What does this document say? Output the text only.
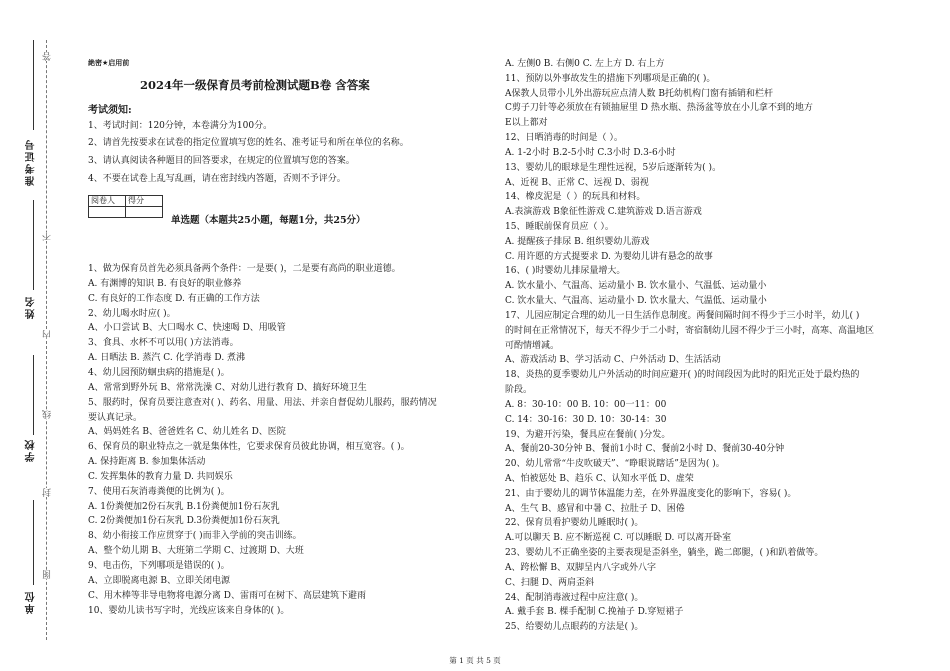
准考证号
姓名
学校
单位
答
不
内
线
封
图
絶密★启用前
2024年一级保育员考前检测试题B卷 含答案
考试须知:
1、考试时间：120分钟，本卷满分为100分。
2、请首先按要求在试卷的指定位置填写您的姓名、准考证号和所在单位的名称。
3、请认真阅读各种题目的回答要求，在规定的位置填写您的答案。
4、不要在试卷上乱写乱画，请在密封线内答题，否则不予评分。
阅卷人	得分

单选题（本题共25小题，每题1分，共25分）
1、做为保育员首先必须具备两个条件：一是要( )，二是要有高尚的职业道德。
A. 有渊博的知识 B. 有良好的职业修养
C. 有良好的工作态度 D. 有正确的工作方法
2、幼儿喝水时应( )。
A、小口尝试 B、大口喝水 C、快速喝 D、用吸管
3、食具、水杯不可以用( )方法消毒。
A. 日晒法 B. 蒸汽 C. 化学消毒 D. 煮沸
4、幼儿园预防蛔虫病的措施是( )。
A、常常到野外玩 B、常常洗澡 C、对幼儿进行教育 D、搞好环境卫生
5、服药时，保育员要注意查对( )、药名、用量、用法、并亲自督促幼儿服药，服药情况
要认真记录。
A、妈妈姓名 B、爸爸姓名 C、幼儿姓名 D、医院
6、保育员的职业特点之一就是集体性，它要求保育员彼此协调，相互宽容。( )。
A. 保持距离 B. 参加集体活动
C. 发挥集体的教育力量 D. 共同娱乐
7、使用石灰消毒粪便的比例为( )。
A. 1份粪便加2份石灰乳 B.1份粪便加1份石灰乳
C. 2份粪便加1份石灰乳 D.3份粪便加1份石灰乳
8、幼小衔接工作应贯穿于( )而非入学前的突击训练。
A、整个幼儿期 B、大班第二学期 C、过渡期 D、大班
9、电击伤，下列哪项是错误的( )。
A、立即脱离电源 B、立即关闭电源
C、用木棒等非导电物将电源分离 D、雷雨可在树下、高层建筑下避雨
10、婴幼儿读书写字时，光线应该来自身体的( )。
A. 左侧0 B. 右侧0 C. 左上方 D. 右上方
11、预防以外事故发生的措施下列哪项是正确的( )。
A保教人员带小儿外出游玩应点清人数 B托幼机构门窗有插销和栏杆
C剪子刀针等必须放在有锁抽屉里 D 热水瓶、热汤盆等放在小儿拿不到的地方
E以上都对
12、日晒消毒的时间是（ ）。
A. 1-2小时 B.2-5小时 C.3小时 D.3-6小时
13、婴幼儿的眼球是生理性远视，5岁后逐渐转为( )。
A、近视 B、正常 C、远视 D、弱视
14、橡皮泥是（ ）的玩具和材料。
A.表演游戏 B象征性游戏 C.建筑游戏 D.语言游戏
15、睡眠前保育员应（ ）。
A. 提醒孩子排尿 B. 组织婴幼儿游戏
C. 用许愿的方式提要求 D. 为婴幼儿讲有悬念的故事
16、( )时婴幼儿排尿量增大。
A. 饮水量小、气温高、运动量小 B. 饮水量小、气温低、运动量小
C. 饮水量大、气温高、运动量小 D. 饮水量大、气温低、运动量小
17、儿园应制定合理的幼儿一日生活作息制度。两餐间隔时间不得少于三小时半，幼儿( )
的时间在正常情况下，每天不得少于二小时，寄宿制幼儿园不得少于三小时，高寒、高温地区
可酌情增减。
A、游戏活动 B、学习活动 C、户外活动 D、生活活动
18、炎热的夏季婴幼儿户外活动的时间应避开( )的时间段因为此时的阳光正处于最灼热的
阶段。
A. 8：30-10：00 B. 10：00一11：00
C. 14：30-16：30 D. 10：30-14：30
19、为避开污染，餐具应在餐前( )分发。
A、餐前20-30分钟 B、餐前1小时 C、餐前2小时 D、餐前30-40分钟
20、幼儿常常“牛皮吹破天”、“睁眼说瞎话”是因为( )。
A、怕被惩处 B、趋乐 C、认知水平低 D、虚荣
21、由于婴幼儿的调节体温能力差，在外界温度变化的影响下，容易( )。
A、生气 B、感冒和中暑 C、拉肚子 D、困倦
22、保育员看护婴幼儿睡眠时( )。
A.可以聊天 B. 应不断巡视 C. 可以睡眠 D. 可以离开卧室
23、婴幼儿不正确坐姿的主要表现是歪斜坐，躺坐，跪二郎腿，( )和趴着做等。
A、跨松懈 B、双脚呈内八字或外八字
C、扫腿 D、两肩歪斜
24、配制消毒液过程中应注意( )。
A. 戴手套 B. 棵手配制 C.挽袖子 D.穿短裙子
25、给婴幼儿点眼药的方法是( )。
第 1 页 共 5 页
